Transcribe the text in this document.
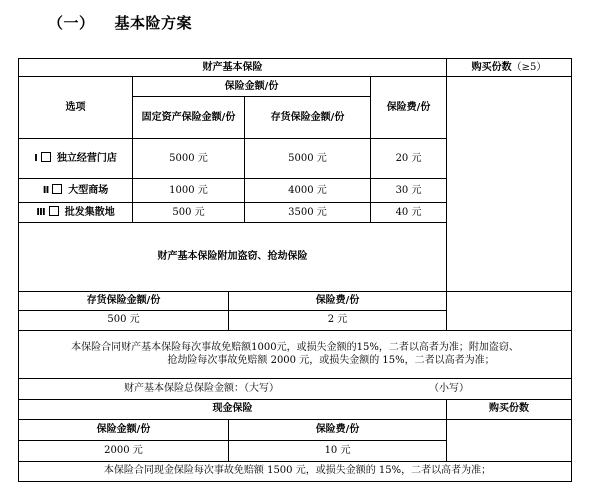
（一） 基本险方案
财产基本保险					购买份数（≥5）	
选项	保险金额/份			保险费/份		
	固定资产保险金额/份		存货保险金额/份			
Ⅰ 独立经营门店	5000 元		5000 元	20 元		
Ⅱ 大型商场	1000 元		4000 元	30 元		
Ⅲ 批发集散地	500 元		3500 元	40 元		
财产基本保险附加盗窃、抢劫保险	
存货保险金额/份		保险费/份				
500 元		2 元				

本保险合同财产基本保险每次事故免赔额1000元，或损失金额的15%，二者以高者为准；附加盗窃、
抢劫险每次事故免赔额 2000 元，或损失金额的 15%，二者以高者为准；						

财产基本保险总保险金额：（大写） （小写）						
现金保险					购买份数	
保险金额/份		保险费/份				
2000 元		10 元				
本保险合同现金保险每次事故免赔额 1500 元，或损失金额的 15%，二者以高者为准；						
